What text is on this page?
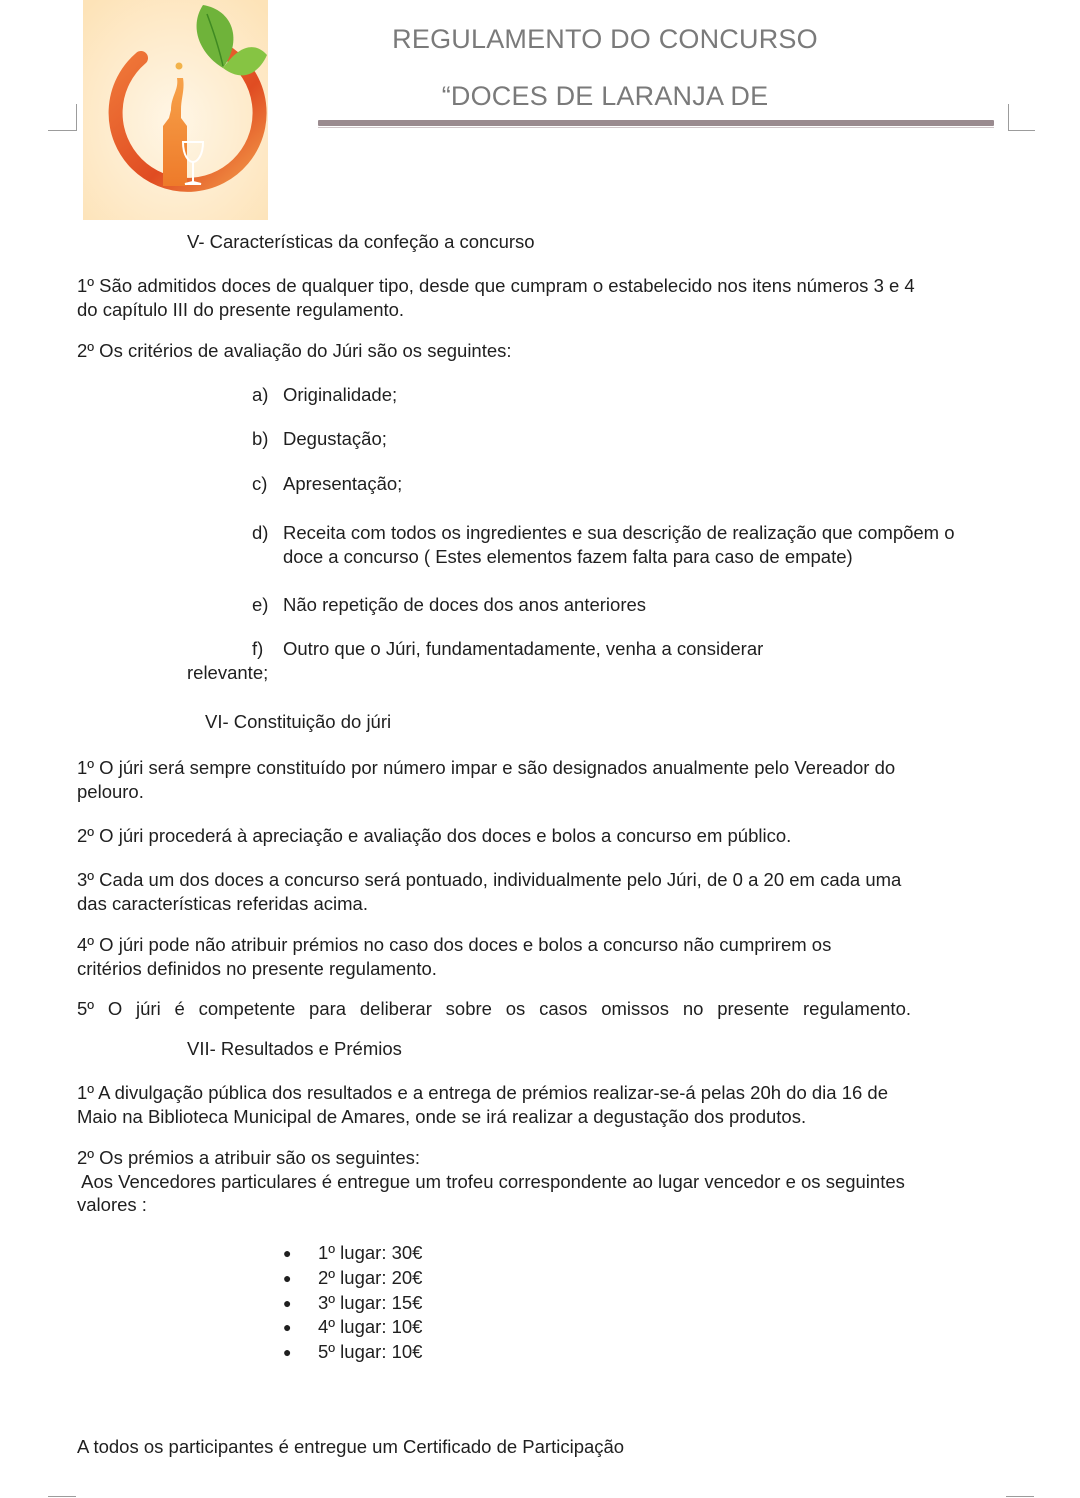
REGULAMENTO DO CONCURSO
“DOCES DE LARANJA DE
V- Características da confeção a concurso
1º São admitidos doces de qualquer tipo, desde que cumpram o estabelecido nos itens números 3 e 4
do capítulo III do presente regulamento.
2º Os critérios de avaliação do Júri são os seguintes:
a) Originalidade;
b) Degustação;
c) Apresentação;
d) Receita com todos os ingredientes e sua descrição de realização que compõem o
doce a concurso ( Estes elementos fazem falta para caso de empate)
e) Não repetição de doces dos anos anteriores
f) Outro que o Júri, fundamentadamente, venha a considerar
relevante;
VI- Constituição do júri
1º O júri será sempre constituído por número impar e são designados anualmente pelo Vereador do
pelouro.
2º O júri procederá à apreciação e avaliação dos doces e bolos a concurso em público.
3º Cada um dos doces a concurso será pontuado, individualmente pelo Júri, de 0 a 20 em cada uma
das características referidas acima.
4º O júri pode não atribuir prémios no caso dos doces e bolos a concurso não cumprirem os
critérios definidos no presente regulamento.
5º O júri é competente para deliberar sobre os casos omissos no presente regulamento.
VII- Resultados e Prémios
1º A divulgação pública dos resultados e a entrega de prémios realizar-se-á pelas 20h do dia 16 de
Maio na Biblioteca Municipal de Amares, onde se irá realizar a degustação dos produtos.
2º Os prémios a atribuir são os seguintes:
Aos Vencedores particulares é entregue um trofeu correspondente ao lugar vencedor e os seguintes
valores :
● 1º lugar: 30€
● 2º lugar: 20€
● 3º lugar: 15€
● 4º lugar: 10€
● 5º lugar: 10€
A todos os participantes é entregue um Certificado de Participação
